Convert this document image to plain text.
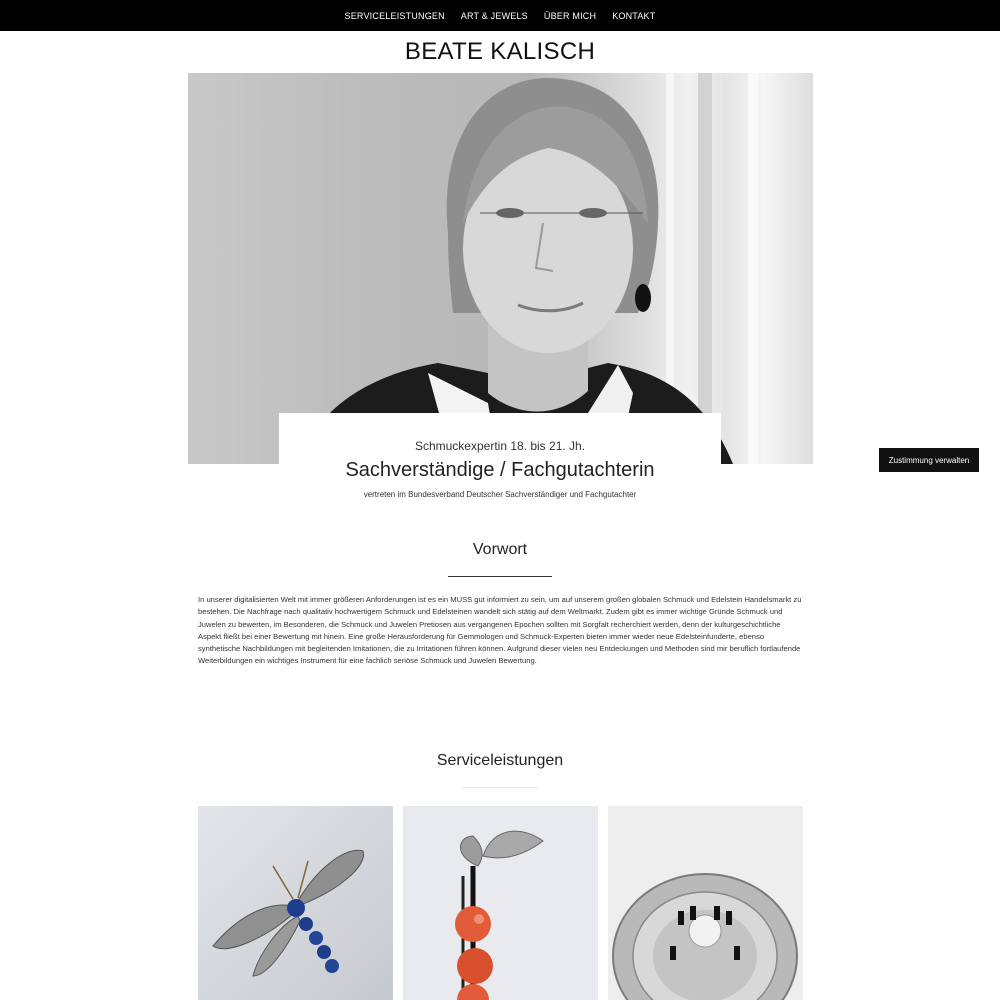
SERVICELEISTUNGEN ART & JEWELS ÜBER MICH KONTAKT
BEATE KALISCH
Schmuckexpertin 18. bis 21. Jh.
Sachverständige / Fachgutachterin
vertreten im Bundesverband Deutscher Sachverständiger und Fachgutachter
Zustimmung verwalten
Vorwort

In unserer digitalisierten Welt mit immer größeren Anforderungen ist es ein MUSS gut informiert zu sein, um auf unserem großen globalen Schmuck und Edelstein Handelsmarkt zu bestehen. Die Nachfrage nach qualitativ hochwertigem Schmuck und Edelsteinen wandelt sich stätig auf dem Weltmarkt. Zudem gibt es immer wichtige Gründe Schmuck und Juwelen zu bewerten, im Besonderen, die Schmuck und Juwelen Pretiosen aus vergangenen Epochen sollten mit Sorgfalt recherchiert werden, denn der kulturgeschichtliche Aspekt fließt bei einer Bewertung mit hinein. Eine große Herausforderung für Gemmologen und Schmuck-Experten bieten immer wieder neue Edelsteinfunderte, ebenso synthetische Nachbildungen mit begleitenden Imitationen, die zu Irritationen führen können. Aufgrund dieser vielen neu Entdeckungen und Methoden sind mir beruflich fortlaufende Weiterbildungen ein wichtiges Instrument für eine fachlich seriöse Schmuck und Juwelen Bewertung.

Serviceleistungen
